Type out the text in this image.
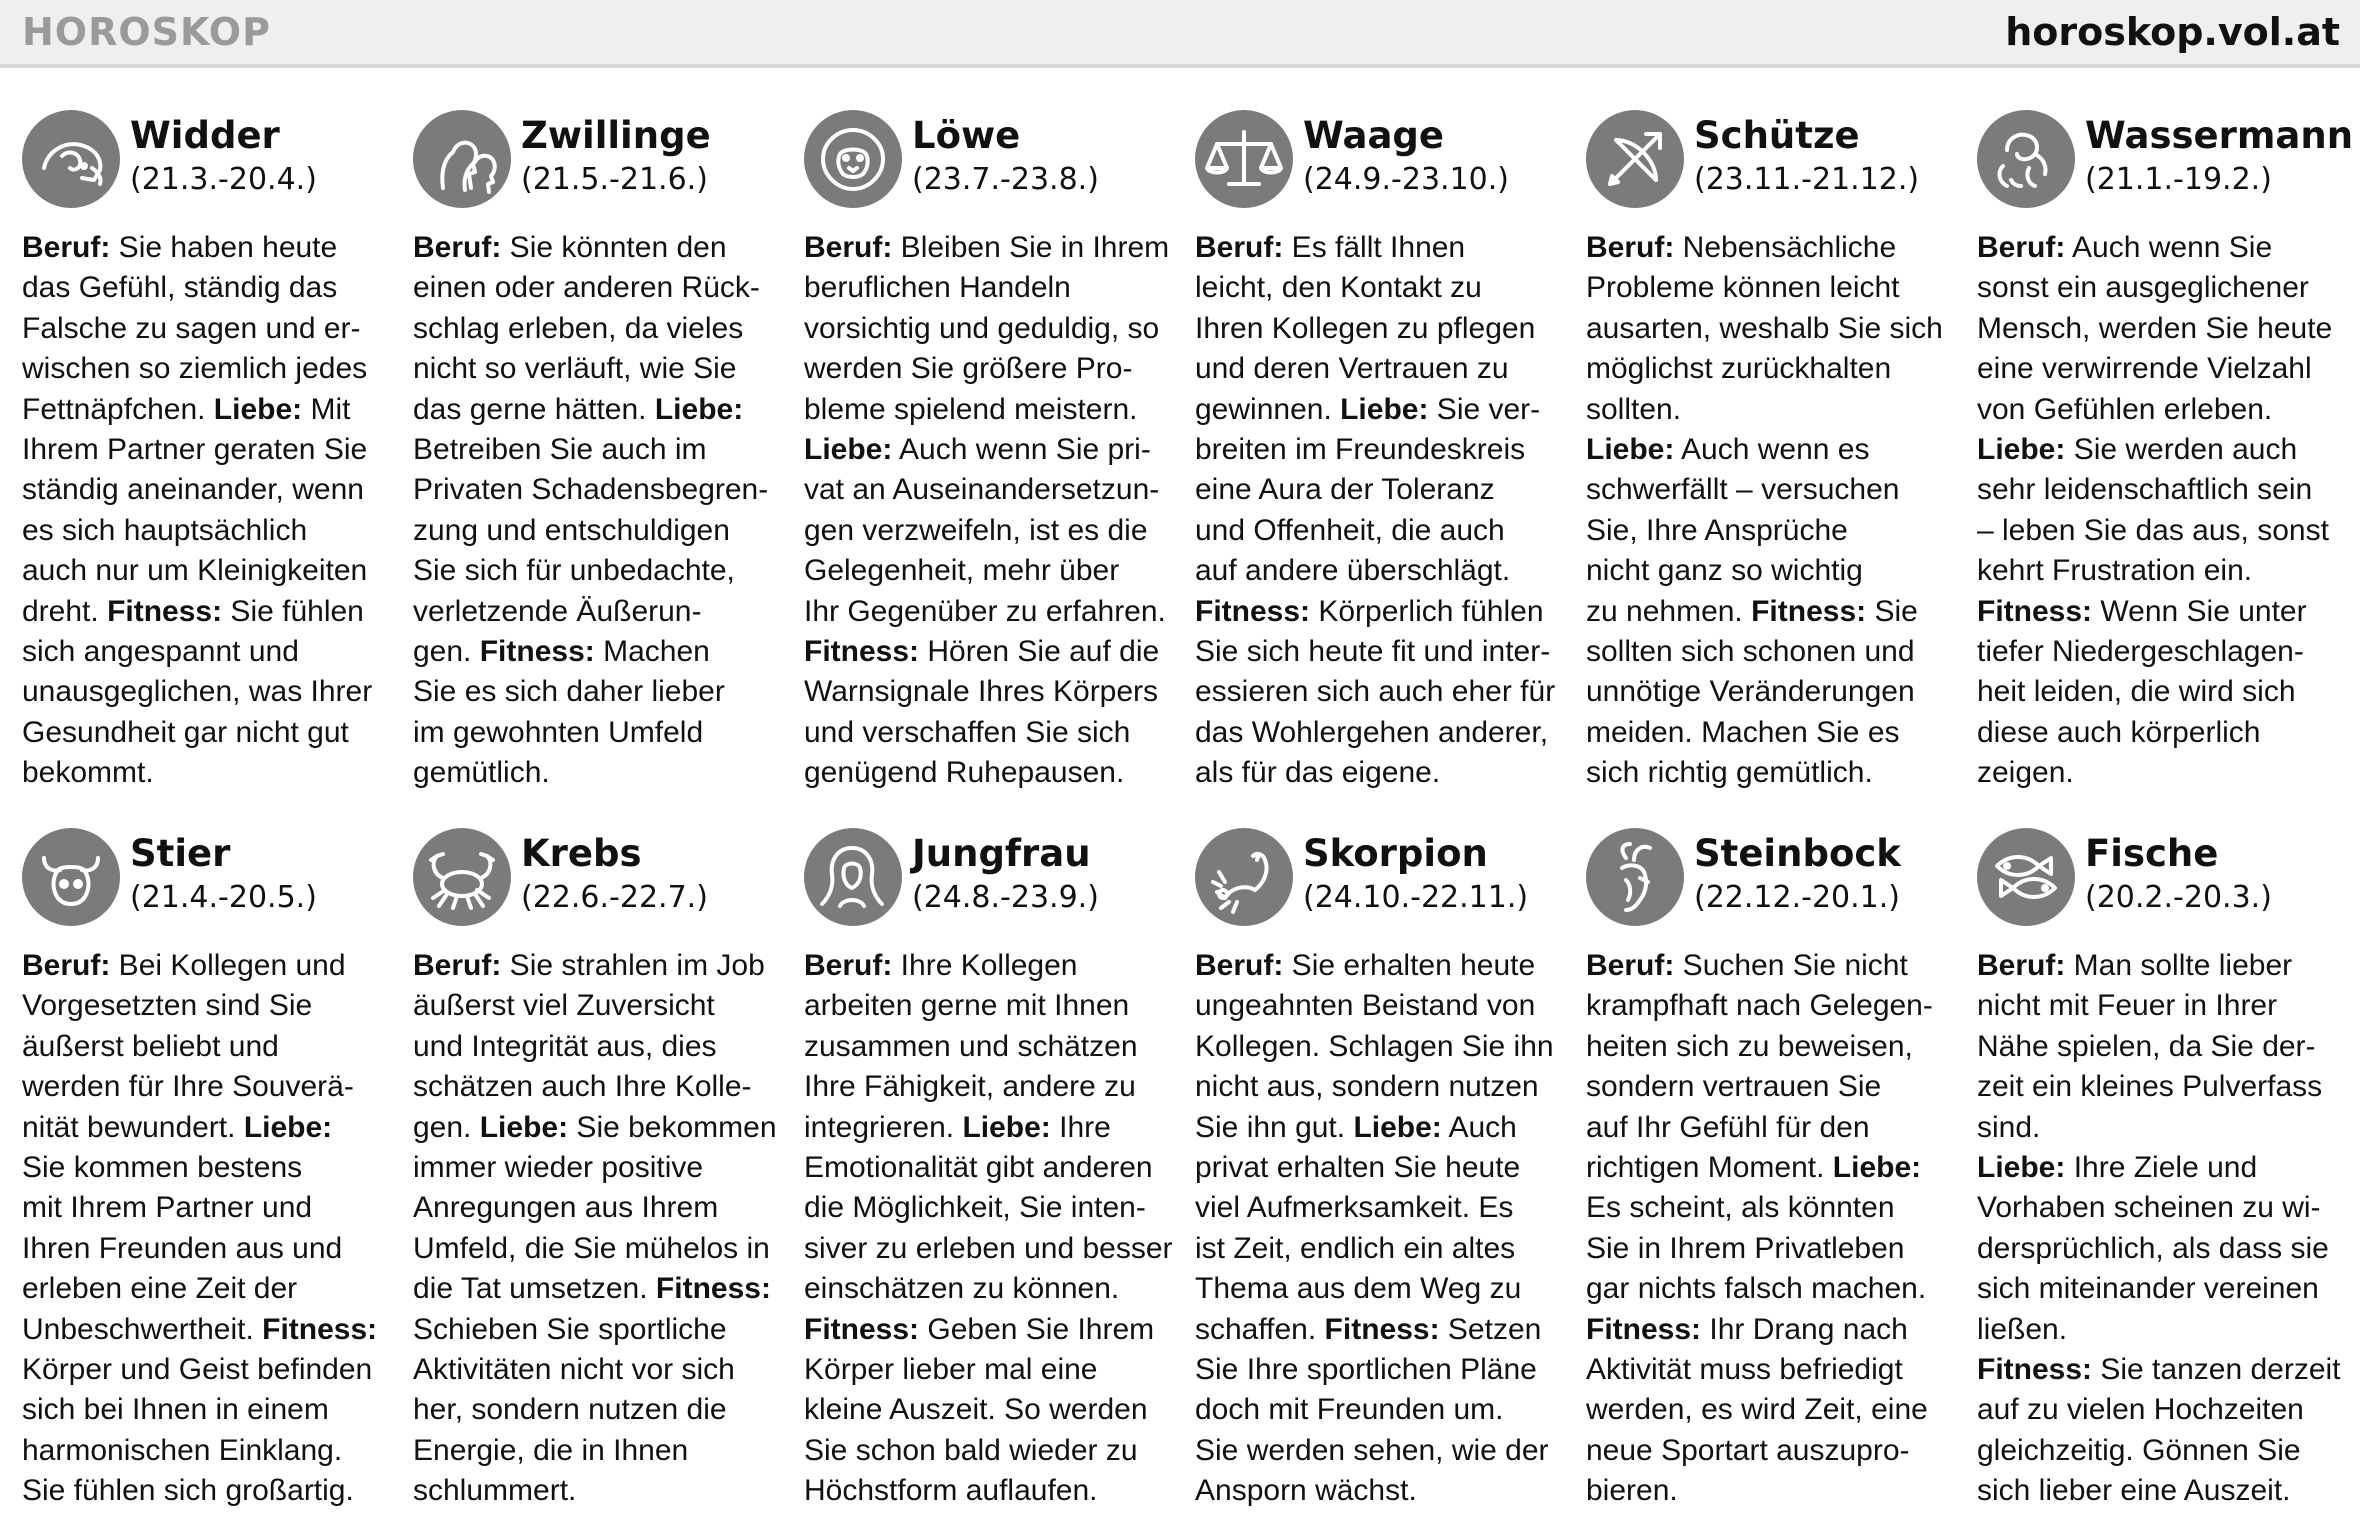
HOROSKOP	horoskop.vol.at
Widder
(21.3.-20.4.)
Beruf: Sie haben heute
das Gefühl, ständig das
Falsche zu sagen und er-
wischen so ziemlich jedes
Fettnäpfchen. Liebe: Mit
Ihrem Partner geraten Sie
ständig aneinander, wenn
es sich hauptsächlich
auch nur um Kleinigkeiten
dreht. Fitness: Sie fühlen
sich angespannt und
unausgeglichen, was Ihrer
Gesundheit gar nicht gut
bekommt.
Zwillinge
(21.5.-21.6.)
Beruf: Sie könnten den
einen oder anderen Rück-
schlag erleben, da vieles
nicht so verläuft, wie Sie
das gerne hätten. Liebe:
Betreiben Sie auch im
Privaten Schadensbegren-
zung und entschuldigen
Sie sich für unbedachte,
verletzende Äußerun-
gen. Fitness: Machen
Sie es sich daher lieber
im gewohnten Umfeld
gemütlich.
Löwe
(23.7.-23.8.)
Beruf: Bleiben Sie in Ihrem
beruflichen Handeln
vorsichtig und geduldig, so
werden Sie größere Pro-
bleme spielend meistern.
Liebe: Auch wenn Sie pri-
vat an Auseinandersetzun-
gen verzweifeln, ist es die
Gelegenheit, mehr über
Ihr Gegenüber zu erfahren.
Fitness: Hören Sie auf die
Warnsignale Ihres Körpers
und verschaffen Sie sich
genügend Ruhepausen.
Waage
(24.9.-23.10.)
Beruf: Es fällt Ihnen
leicht, den Kontakt zu
Ihren Kollegen zu pflegen
und deren Vertrauen zu
gewinnen. Liebe: Sie ver-
breiten im Freundeskreis
eine Aura der Toleranz
und Offenheit, die auch
auf andere überschlägt.
Fitness: Körperlich fühlen
Sie sich heute fit und inter-
essieren sich auch eher für
das Wohlergehen anderer,
als für das eigene.
Schütze
(23.11.-21.12.)
Beruf: Nebensächliche
Probleme können leicht
ausarten, weshalb Sie sich
möglichst zurückhalten
sollten.
Liebe: Auch wenn es
schwerfällt – versuchen
Sie, Ihre Ansprüche
nicht ganz so wichtig
zu nehmen. Fitness: Sie
sollten sich schonen und
unnötige Veränderungen
meiden. Machen Sie es
sich richtig gemütlich.
Wassermann
(21.1.-19.2.)
Beruf: Auch wenn Sie
sonst ein ausgeglichener
Mensch, werden Sie heute
eine verwirrende Vielzahl
von Gefühlen erleben.
Liebe: Sie werden auch
sehr leidenschaftlich sein
– leben Sie das aus, sonst
kehrt Frustration ein.
Fitness: Wenn Sie unter
tiefer Niedergeschlagen-
heit leiden, die wird sich
diese auch körperlich
zeigen.
Stier
(21.4.-20.5.)
Beruf: Bei Kollegen und
Vorgesetzten sind Sie
äußerst beliebt und
werden für Ihre Souverä-
nität bewundert. Liebe:
Sie kommen bestens
mit Ihrem Partner und
Ihren Freunden aus und
erleben eine Zeit der
Unbeschwertheit. Fitness:
Körper und Geist befinden
sich bei Ihnen in einem
harmonischen Einklang.
Sie fühlen sich großartig.
Krebs
(22.6.-22.7.)
Beruf: Sie strahlen im Job
äußerst viel Zuversicht
und Integrität aus, dies
schätzen auch Ihre Kolle-
gen. Liebe: Sie bekommen
immer wieder positive
Anregungen aus Ihrem
Umfeld, die Sie mühelos in
die Tat umsetzen. Fitness:
Schieben Sie sportliche
Aktivitäten nicht vor sich
her, sondern nutzen die
Energie, die in Ihnen
schlummert.
Jungfrau
(24.8.-23.9.)
Beruf: Ihre Kollegen
arbeiten gerne mit Ihnen
zusammen und schätzen
Ihre Fähigkeit, andere zu
integrieren. Liebe: Ihre
Emotionalität gibt anderen
die Möglichkeit, Sie inten-
siver zu erleben und besser
einschätzen zu können.
Fitness: Geben Sie Ihrem
Körper lieber mal eine
kleine Auszeit. So werden
Sie schon bald wieder zu
Höchstform auflaufen.
Skorpion
(24.10.-22.11.)
Beruf: Sie erhalten heute
ungeahnten Beistand von
Kollegen. Schlagen Sie ihn
nicht aus, sondern nutzen
Sie ihn gut. Liebe: Auch
privat erhalten Sie heute
viel Aufmerksamkeit. Es
ist Zeit, endlich ein altes
Thema aus dem Weg zu
schaffen. Fitness: Setzen
Sie Ihre sportlichen Pläne
doch mit Freunden um.
Sie werden sehen, wie der
Ansporn wächst.
Steinbock
(22.12.-20.1.)
Beruf: Suchen Sie nicht
krampfhaft nach Gelegen-
heiten sich zu beweisen,
sondern vertrauen Sie
auf Ihr Gefühl für den
richtigen Moment. Liebe:
Es scheint, als könnten
Sie in Ihrem Privatleben
gar nichts falsch machen.
Fitness: Ihr Drang nach
Aktivität muss befriedigt
werden, es wird Zeit, eine
neue Sportart auszupro-
bieren.
Fische
(20.2.-20.3.)
Beruf: Man sollte lieber
nicht mit Feuer in Ihrer
Nähe spielen, da Sie der-
zeit ein kleines Pulverfass
sind.
Liebe: Ihre Ziele und
Vorhaben scheinen zu wi-
dersprüchlich, als dass sie
sich miteinander vereinen
ließen.
Fitness: Sie tanzen derzeit
auf zu vielen Hochzeiten
gleichzeitig. Gönnen Sie
sich lieber eine Auszeit.
